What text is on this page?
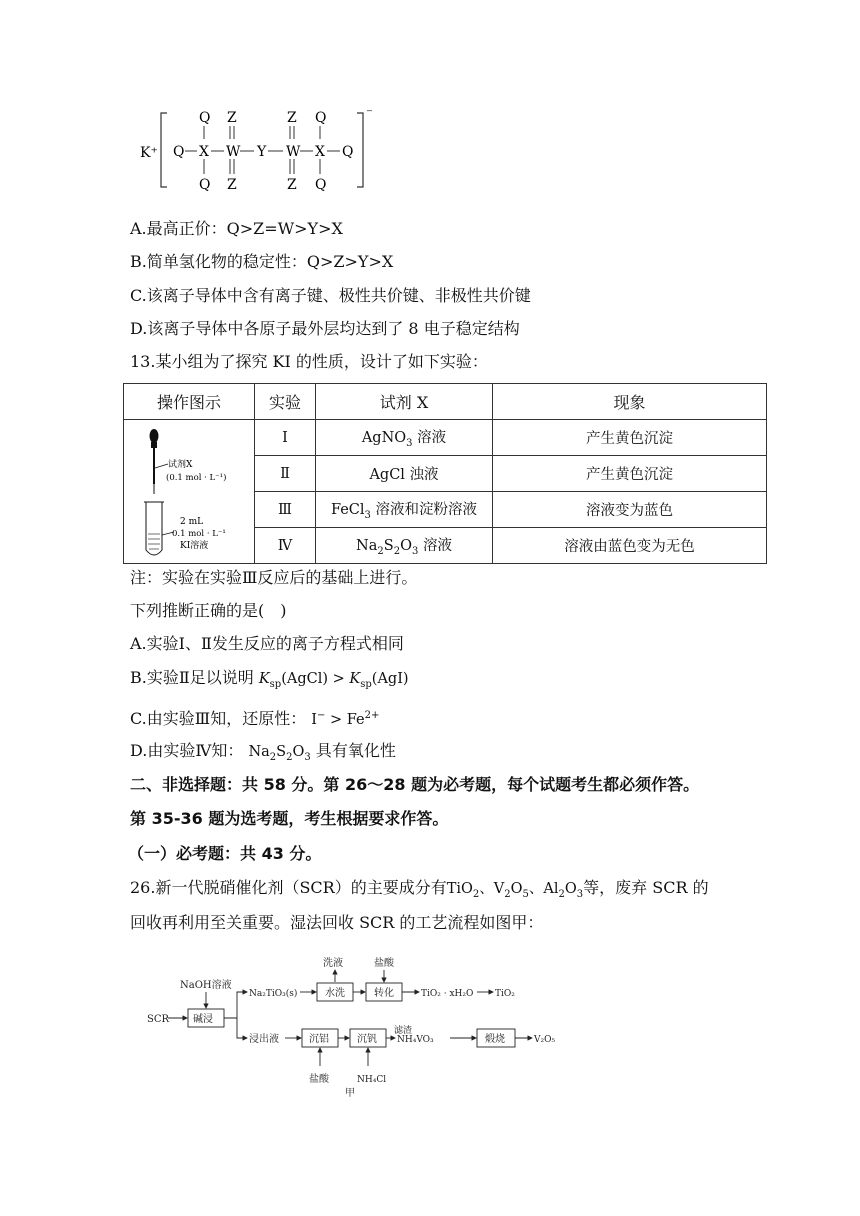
K⁺
⁻
Q X W Y W X Q
Q Z	Z Q
Q Z	Z Q
A.最高正价：Q>Z=W>Y>X
B.简单氢化物的稳定性：Q>Z>Y>X
C.该离子导体中含有离子键、极性共价键、非极性共价键
D.该离子导体中各原子最外层均达到了 8 电子稳定结构
13.某小组为了探究 KI 的性质，设计了如下实验：
操作图示	实验	试剂 X	现象

试剂X
(0.1 mol · L⁻¹)
2 mL
0.1 mol · L⁻¹
KI溶液	Ⅰ	AgNO$_3$ 溶液	产生黄色沉淀
	Ⅱ	AgCl 浊液	产生黄色沉淀
	Ⅲ	FeCl$_3$ 溶液和淀粉溶液	溶液变为蓝色
	Ⅳ	$Na_2S_2O_3$ 溶液	溶液由蓝色变为无色
注：实验在实验Ⅲ反应后的基础上进行。
下列推断正确的是(　)
A.实验Ⅰ、Ⅱ发生反应的离子方程式相同
B.实验Ⅱ足以说明 $K_{sp}(AgCl) > K_{sp}(AgI)$
C.由实验Ⅲ知，还原性： $I^- > Fe^{2+}$
D.由实验Ⅳ知： $Na_2S_2O_3$ 具有氧化性
二、非选择题：共 58 分。第 26～28 题为必考题，每个试题考生都必须作答。
第 35-36 题为选考题，考生根据要求作答。
（一）必考题：共 43 分。
26.新一代脱硝催化剂（SCR）的主要成分有TiO$_2$、$V_2O_5$、$Al_2O_3$等，废弃 SCR 的
回收再利用至关重要。湿法回收 SCR 的工艺流程如图甲：
SCR
NaOH溶液
碱浸
Na₂TiO₃(s)	水洗
洗液	盐酸
转化	TiO₂ · xH₂O TiO₂
浸出液	沉铝	沉钒
滤渣
NH₄VO₃	煅烧	V₂O₅
盐酸	NH₄Cl
甲
